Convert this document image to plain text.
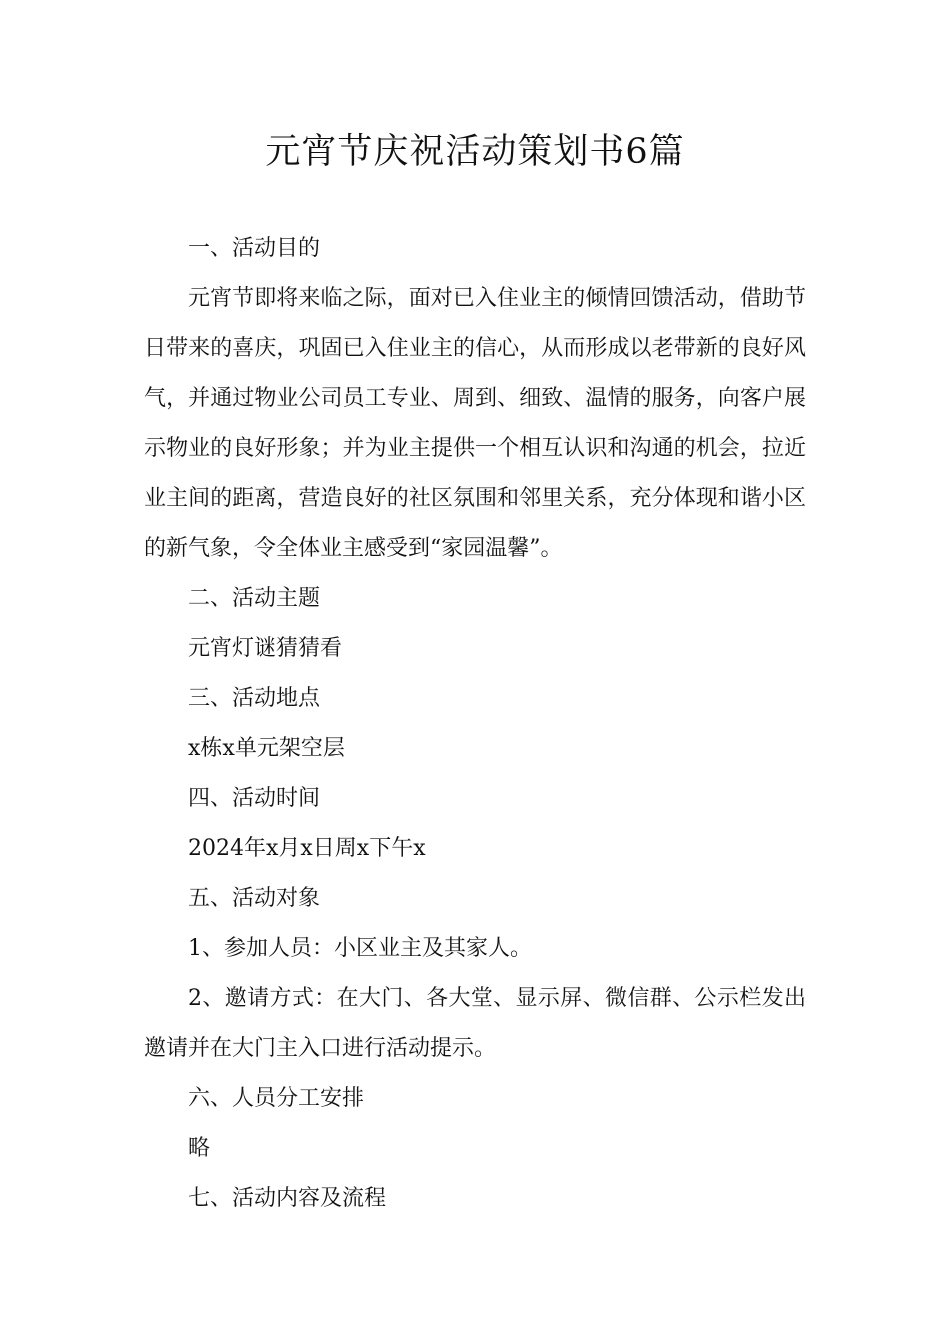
元宵节庆祝活动策划书6篇

一、活动目的

元宵节即将来临之际，面对已入住业主的倾情回馈活动，借助节日带来的喜庆，巩固已入住业主的信心，从而形成以老带新的良好风气，并通过物业公司员工专业、周到、细致、温情的服务，向客户展示物业的良好形象；并为业主提供一个相互认识和沟通的机会，拉近业主间的距离，营造良好的社区氛围和邻里关系，充分体现和谐小区的新气象，令全体业主感受到“家园温馨”。

二、活动主题

元宵灯谜猜猜看

三、活动地点

x栋x单元架空层

四、活动时间

2024年x月x日周x下午x

五、活动对象

1、参加人员：小区业主及其家人。

2、邀请方式：在大门、各大堂、显示屏、微信群、公示栏发出邀请并在大门主入口进行活动提示。

六、人员分工安排

略

七、活动内容及流程
